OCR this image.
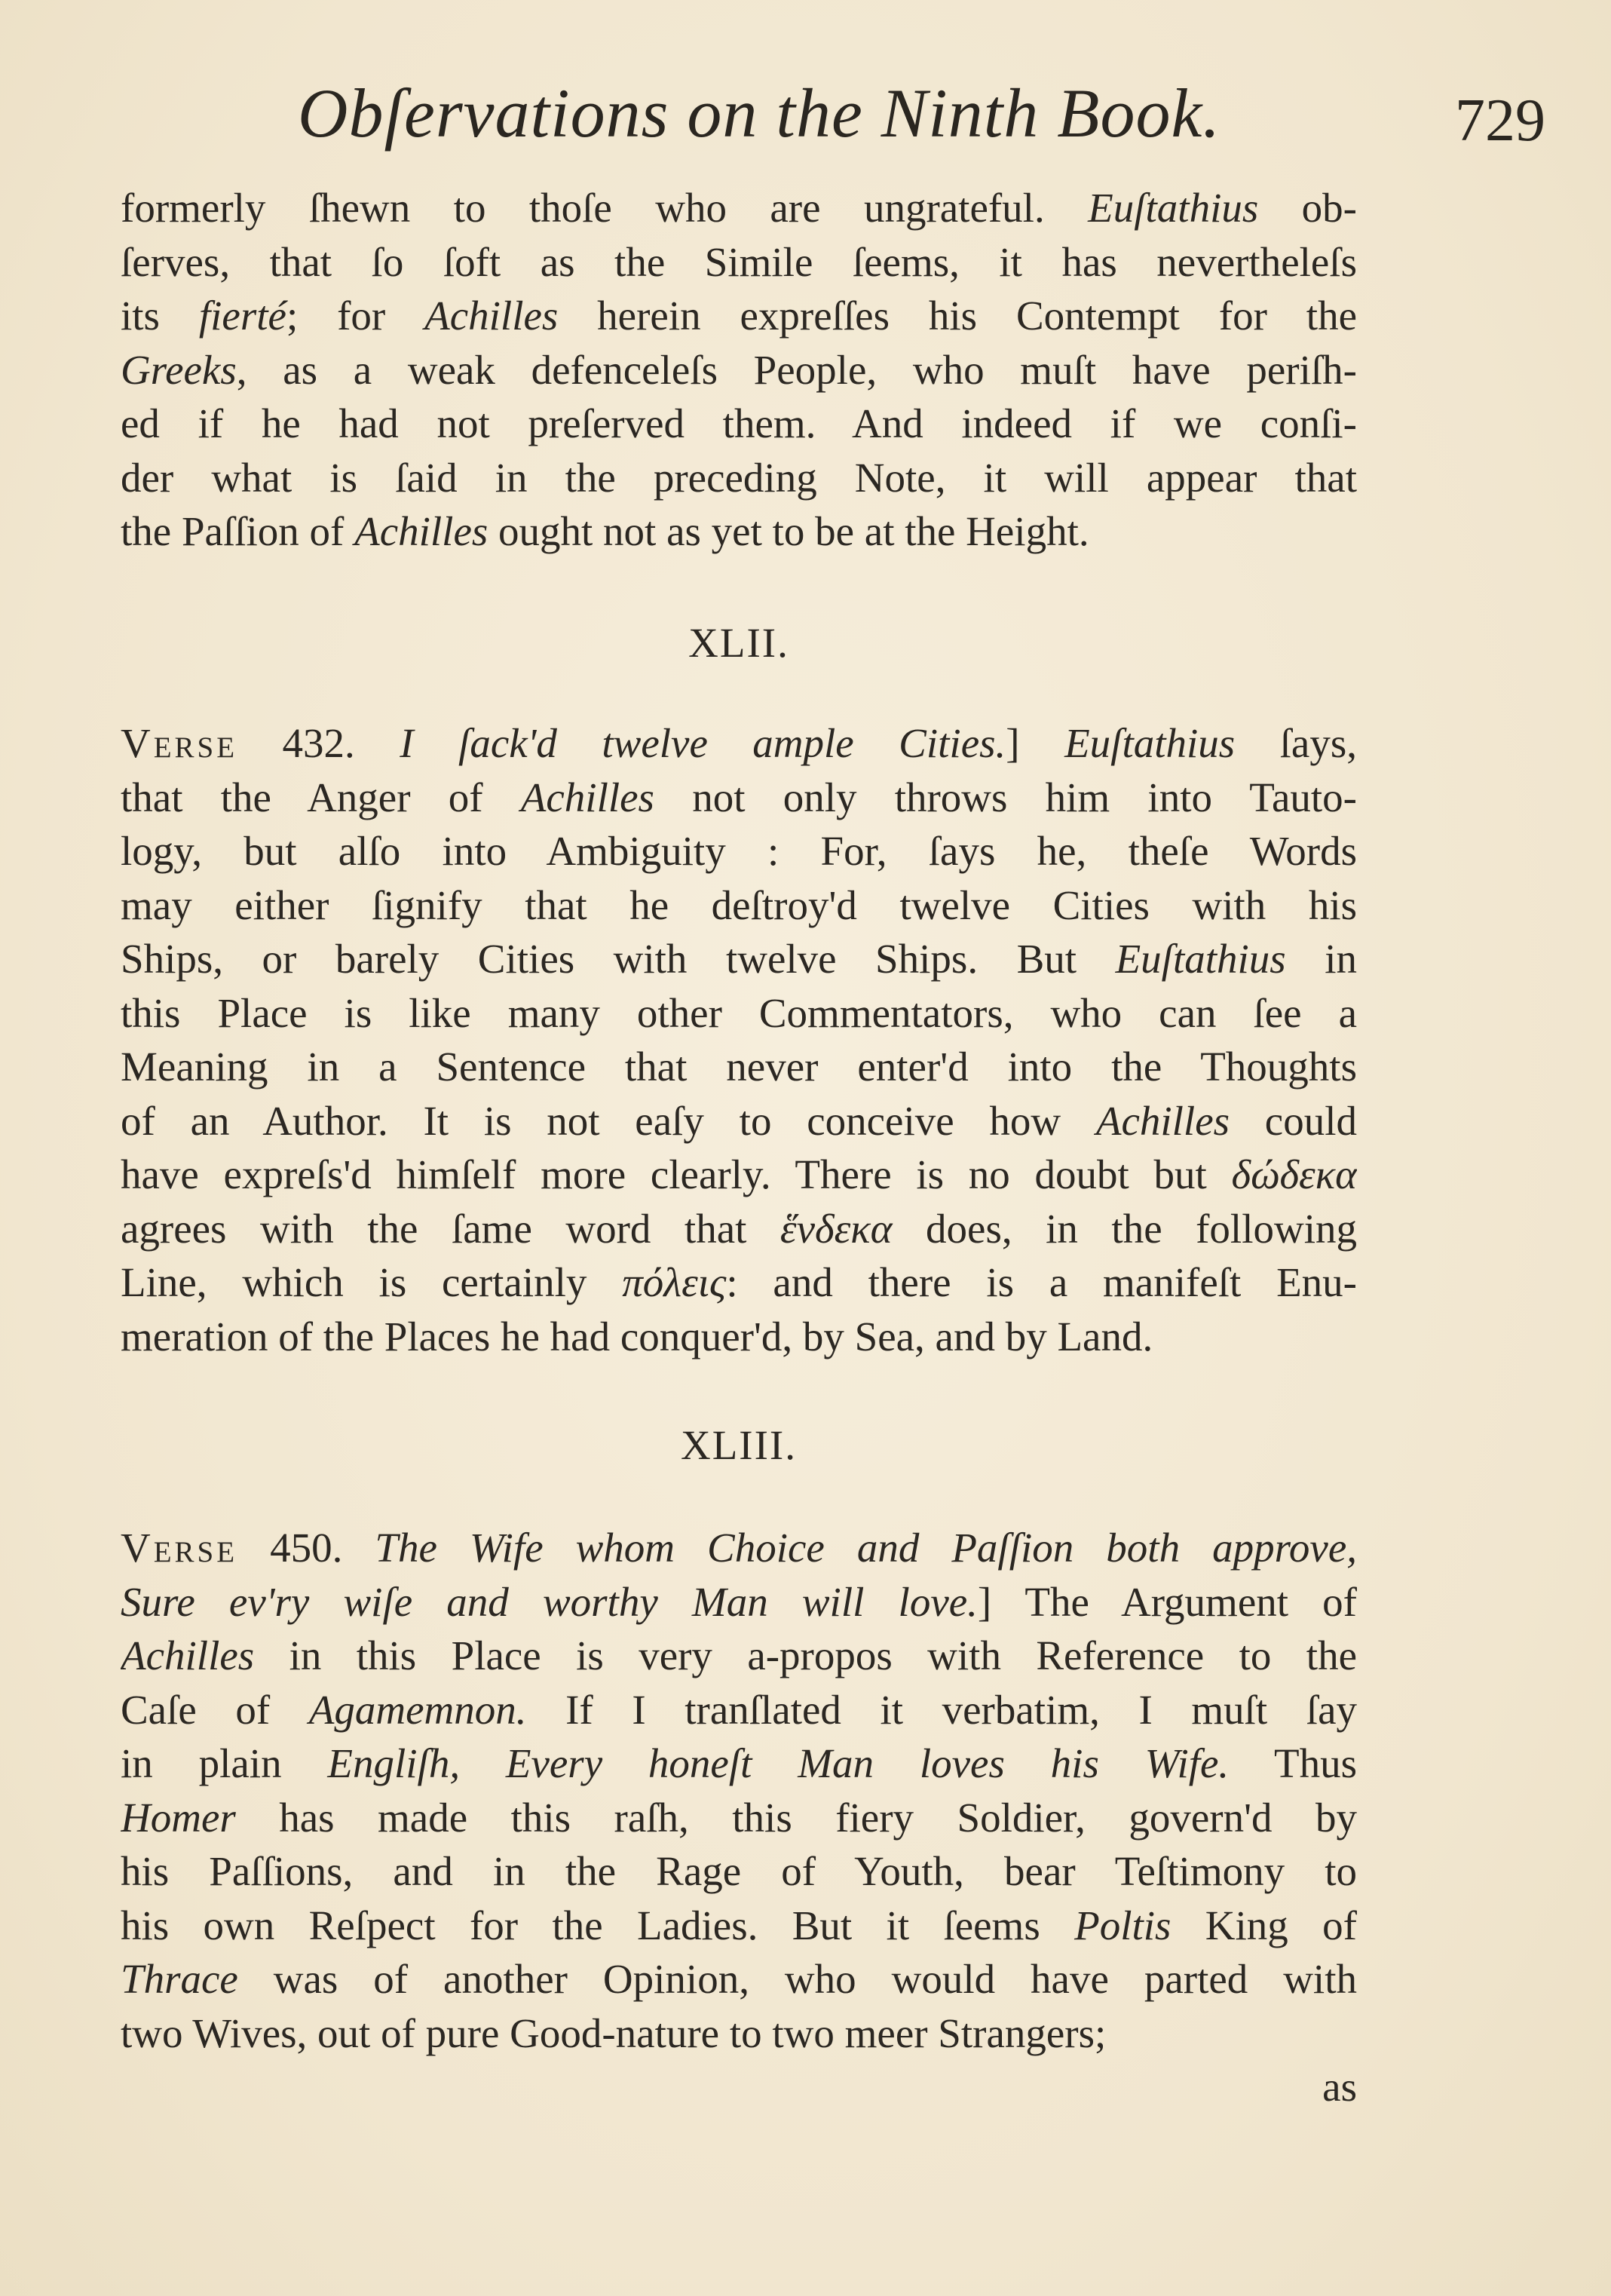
Obſervations on the Ninth Book.	729
formerly ſhewn to thoſe who are ungrateful. Euſtathius ob-
ſerves, that ſo ſoft as the Simile ſeems, it has nevertheleſs
its fierté; for Achilles herein expreſſes his Contempt for the
Greeks, as a weak defenceleſs People, who muſt have periſh-
ed if he had not preſerved them. And indeed if we conſi-
der what is ſaid in the preceding Note, it will appear that
the Paſſion of Achilles ought not as yet to be at the Height.
XLII.
Verse 432. I ſack'd twelve ample Cities.] Euſtathius ſays,
that the Anger of Achilles not only throws him into Tauto-
logy, but alſo into Ambiguity : For, ſays he, theſe Words
may either ſignify that he deſtroy'd twelve Cities with his
Ships, or barely Cities with twelve Ships. But Euſtathius in
this Place is like many other Commentators, who can ſee a
Meaning in a Sentence that never enter'd into the Thoughts
of an Author. It is not eaſy to conceive how Achilles could
have expreſs'd himſelf more clearly. There is no doubt but δώδεκα
agrees with the ſame word that ἕνδεκα does, in the following
Line, which is certainly πόλεις: and there is a manifeſt Enu-
meration of the Places he had conquer'd, by Sea, and by Land.
XLIII.
Verse 450. The Wife whom Choice and Paſſion both approve,
Sure ev'ry wiſe and worthy Man will love.] The Argument of
Achilles in this Place is very a-propos with Reference to the
Caſe of Agamemnon. If I tranſlated it verbatim, I muſt ſay
in plain Engliſh, Every honeſt Man loves his Wife. Thus
Homer has made this raſh, this fiery Soldier, govern'd by
his Paſſions, and in the Rage of Youth, bear Teſtimony to
his own Reſpect for the Ladies. But it ſeems Poltis King of
Thrace was of another Opinion, who would have parted with
two Wives, out of pure Good-nature to two meer Strangers;
as
